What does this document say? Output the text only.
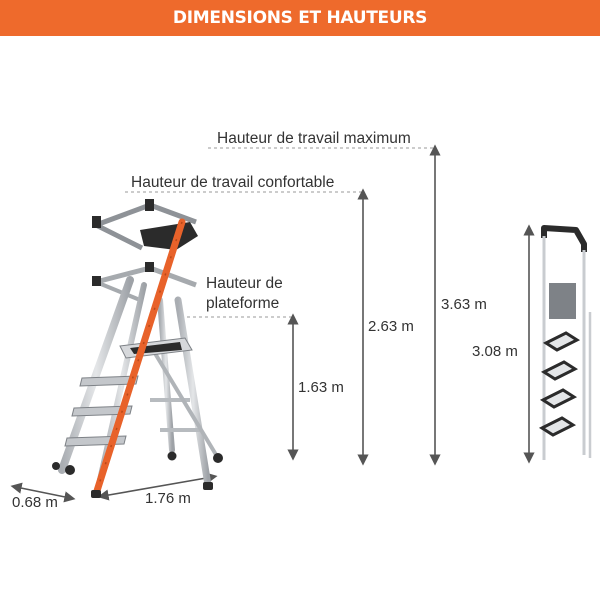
DIMENSIONS ET HAUTEURS
Hauteur de travail maximum
Hauteur de travail confortable
Hauteur de
plateforme	3.63 m
2.63 m
1.63 m
3.08 m
0.68 m	1.76 m
